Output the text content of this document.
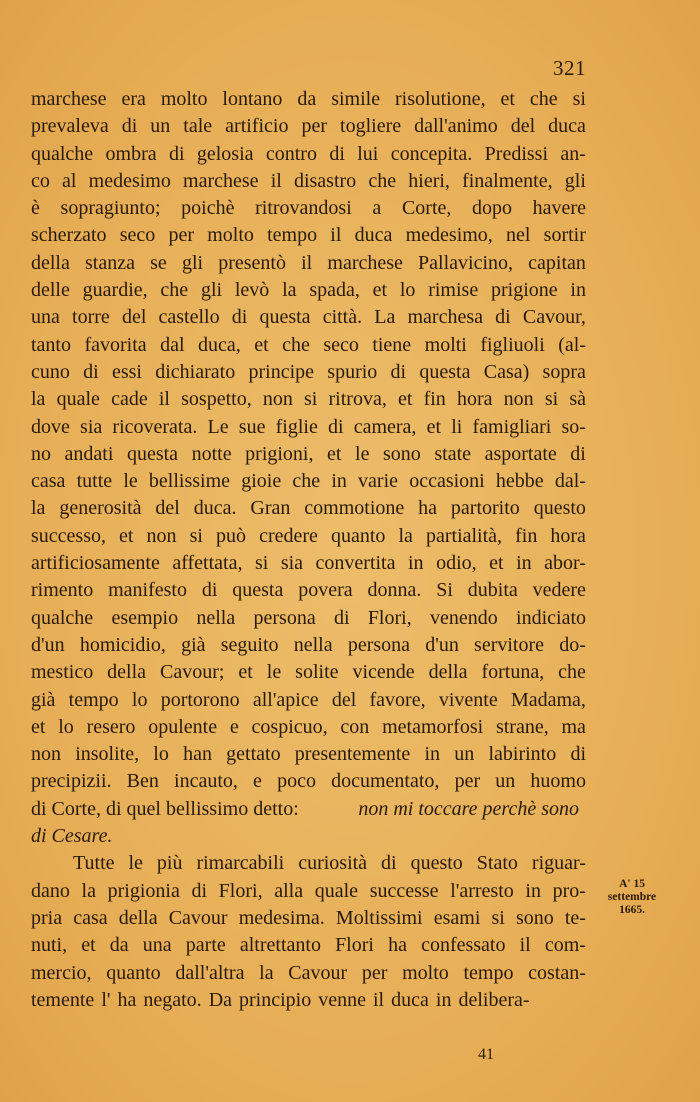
321
marchese era molto lontano da simile risolutione, et che si
prevaleva di un tale artificio per togliere dall'animo del duca
qualche ombra di gelosia contro di lui concepita. Predissi an-
co al medesimo marchese il disastro che hieri, finalmente, gli
è sopragiunto; poichè ritrovandosi a Corte, dopo havere
scherzato seco per molto tempo il duca medesimo, nel sortir
della stanza se gli presentò il marchese Pallavicino, capitan
delle guardie, che gli levò la spada, et lo rimise prigione in
una torre del castello di questa città. La marchesa di Cavour,
tanto favorita dal duca, et che seco tiene molti figliuoli (al-
cuno di essi dichiarato principe spurio di questa Casa) sopra
la quale cade il sospetto, non si ritrova, et fin hora non si sà
dove sia ricoverata. Le sue figlie di camera, et li famigliari so-
no andati questa notte prigioni, et le sono state asportate di
casa tutte le bellissime gioie che in varie occasioni hebbe dal-
la generosità del duca. Gran commotione ha partorito questo
successo, et non si può credere quanto la partialità, fin hora
artificiosamente affettata, si sia convertita in odio, et in abor-
rimento manifesto di questa povera donna. Si dubita vedere
qualche esempio nella persona di Flori, venendo indiciato
d'un homicidio, già seguito nella persona d'un servitore do-
mestico della Cavour; et le solite vicende della fortuna, che
già tempo lo portorono all'apice del favore, vivente Madama,
et lo resero opulente e cospicuo, con metamorfosi strane, ma
non insolite, lo han gettato presentemente in un labirinto di
precipizii. Ben incauto, e poco documentato, per un huomo
di Corte, di quel bellissimo detto:	non mi toccare perchè sono
di Cesare.
Tutte le più rimarcabili curiosità di questo Stato riguar-
dano la prigionia di Flori, alla quale successe l'arresto in pro-
pria casa della Cavour medesima. Moltissimi esami si sono te-
nuti, et da una parte altrettanto Flori ha confessato il com-
mercio, quanto dall'altra la Cavour per molto tempo costan-
temente l' ha negato. Da principio venne il duca in delibera-
A' 15
settembre
1665.
41
